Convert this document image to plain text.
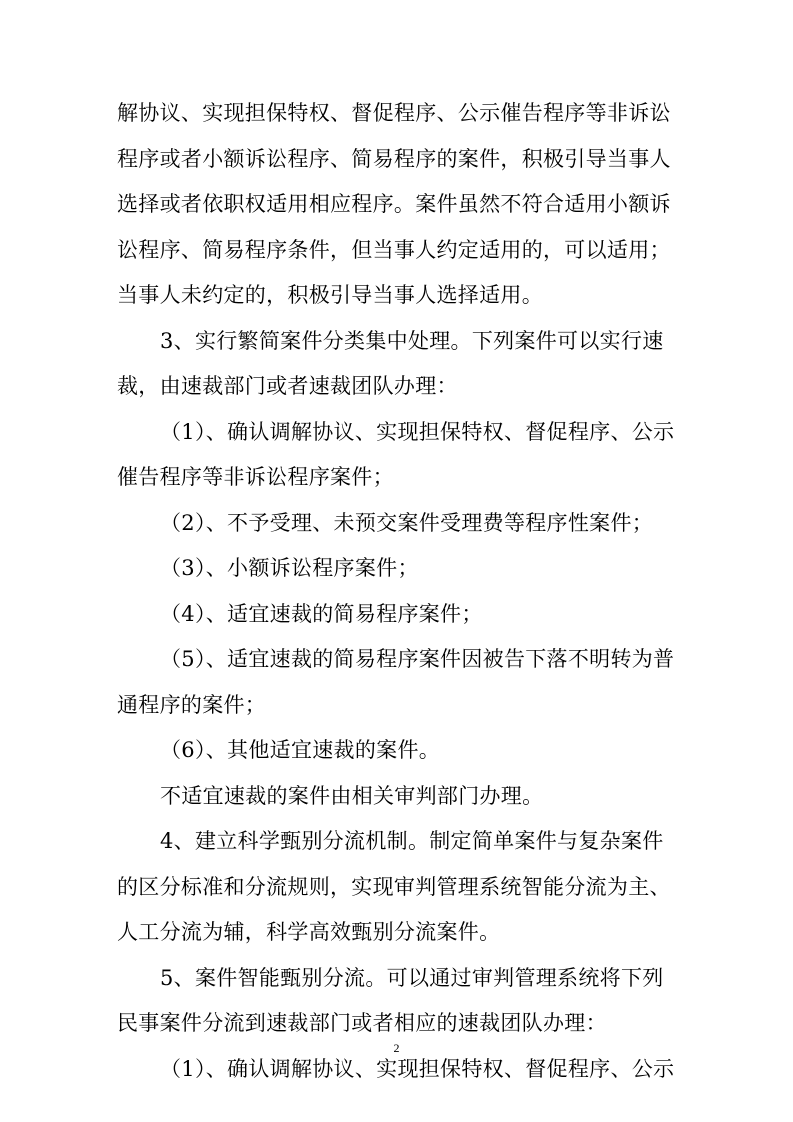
解协议、实现担保特权、督促程序、公示催告程序等非诉讼
程序或者小额诉讼程序、简易程序的案件，积极引导当事人
选择或者依职权适用相应程序。案件虽然不符合适用小额诉
讼程序、简易程序条件，但当事人约定适用的，可以适用；
当事人未约定的，积极引导当事人选择适用。
3、实行繁简案件分类集中处理。下列案件可以实行速
裁，由速裁部门或者速裁团队办理：
（1）、确认调解协议、实现担保特权、督促程序、公示
催告程序等非诉讼程序案件；
（2）、不予受理、未预交案件受理费等程序性案件；
（3）、小额诉讼程序案件；
（4）、适宜速裁的简易程序案件；
（5）、适宜速裁的简易程序案件因被告下落不明转为普
通程序的案件；
（6）、其他适宜速裁的案件。
不适宜速裁的案件由相关审判部门办理。
4、建立科学甄别分流机制。制定简单案件与复杂案件
的区分标准和分流规则，实现审判管理系统智能分流为主、
人工分流为辅，科学高效甄别分流案件。
5、案件智能甄别分流。可以通过审判管理系统将下列
民事案件分流到速裁部门或者相应的速裁团队办理：
（1）、确认调解协议、实现担保特权、督促程序、公示
2
